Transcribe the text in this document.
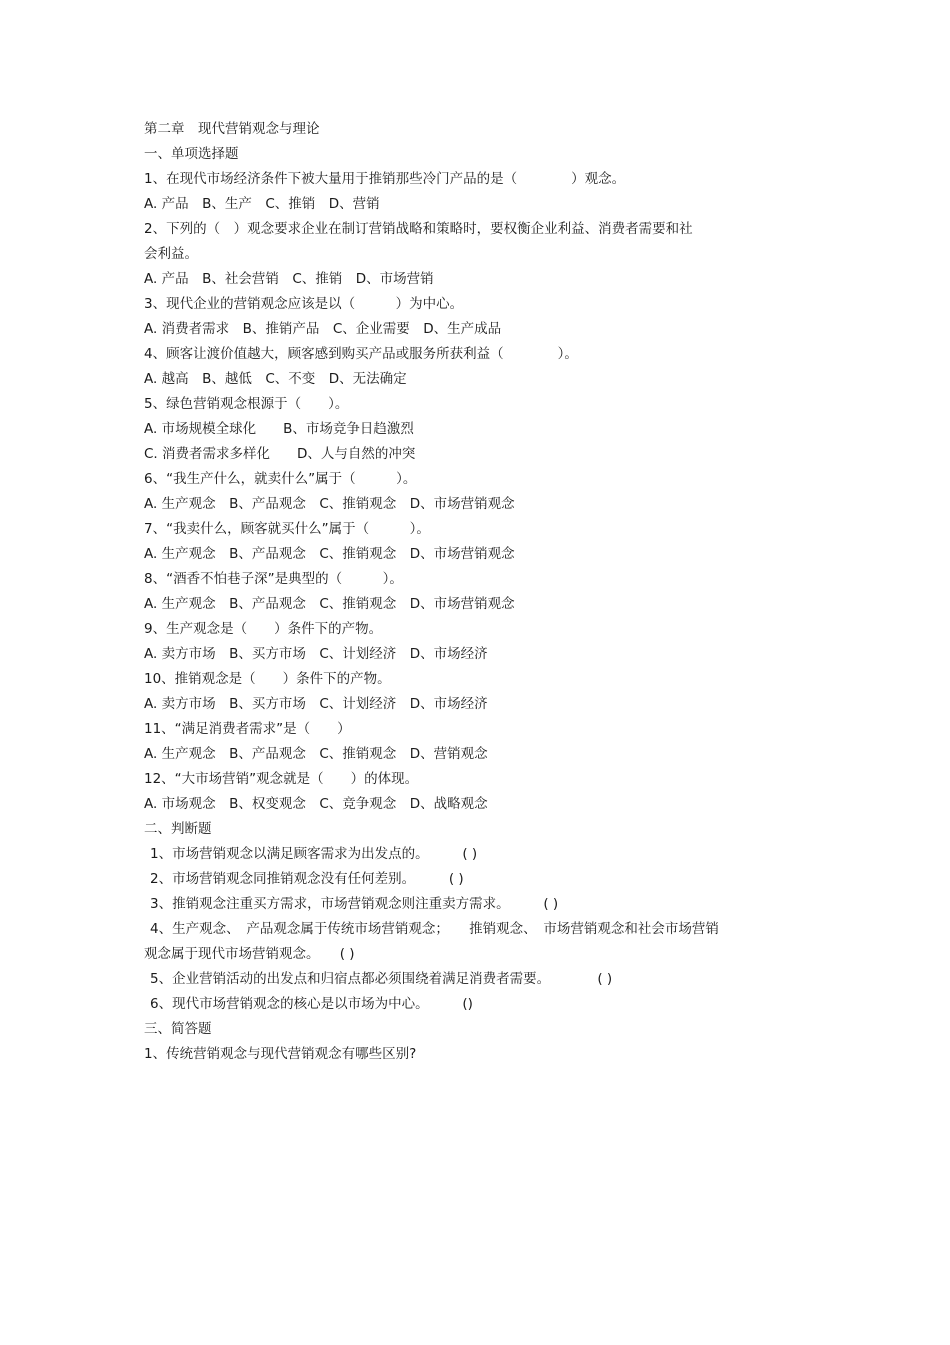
第二章　现代营销观念与理论
一、单项选择题
1、在现代市场经济条件下被大量用于推销那些冷门产品的是（　　　　）观念。
A. 产品　B、生产　C、推销　D、营销
2、下列的（　）观念要求企业在制订营销战略和策略时，要权衡企业利益、消费者需要和社
会利益。
A. 产品　B、社会营销　C、推销　D、市场营销
3、现代企业的营销观念应该是以（　　　）为中心。
A. 消费者需求　B、推销产品　C、企业需要　D、生产成品
4、顾客让渡价值越大，顾客感到购买产品或服务所获利益（　　　　）。
A. 越高　B、越低　C、不变　D、无法确定
5、绿色营销观念根源于（　　）。
A. 市场规模全球化　　B、市场竞争日趋激烈
C. 消费者需求多样化　　D、人与自然的冲突
6、“我生产什么，就卖什么”属于（　　　）。
A. 生产观念　B、产品观念　C、推销观念　D、市场营销观念
7、“我卖什么，顾客就买什么”属于（　　　）。
A. 生产观念　B、产品观念　C、推销观念　D、市场营销观念
8、“酒香不怕巷子深”是典型的（　　　）。
A. 生产观念　B、产品观念　C、推销观念　D、市场营销观念
9、生产观念是（　　）条件下的产物。
A. 卖方市场　B、买方市场　C、计划经济　D、市场经济
10、推销观念是（　　）条件下的产物。
A. 卖方市场　B、买方市场　C、计划经济　D、市场经济
11、“满足消费者需求”是（　　）
A. 生产观念　B、产品观念　C、推销观念　D、营销观念
12、“大市场营销”观念就是（　　）的体现。
A. 市场观念　B、权变观念　C、竞争观念　D、战略观念
二、判断题
1、市场营销观念以满足顾客需求为出发点的。　　　( )
2、市场营销观念同推销观念没有任何差别。　　　( )
3、推销观念注重买方需求，市场营销观念则注重卖方需求。　　　( )
4、生产观念、　产品观念属于传统市场营销观念；　　推销观念、　市场营销观念和社会市场营销
观念属于现代市场营销观念。　　( )
5、企业营销活动的出发点和归宿点都必须围绕着满足消费者需要。　　　　( )
6、现代市场营销观念的核心是以市场为中心。　　　()
三、简答题
1、传统营销观念与现代营销观念有哪些区别?
